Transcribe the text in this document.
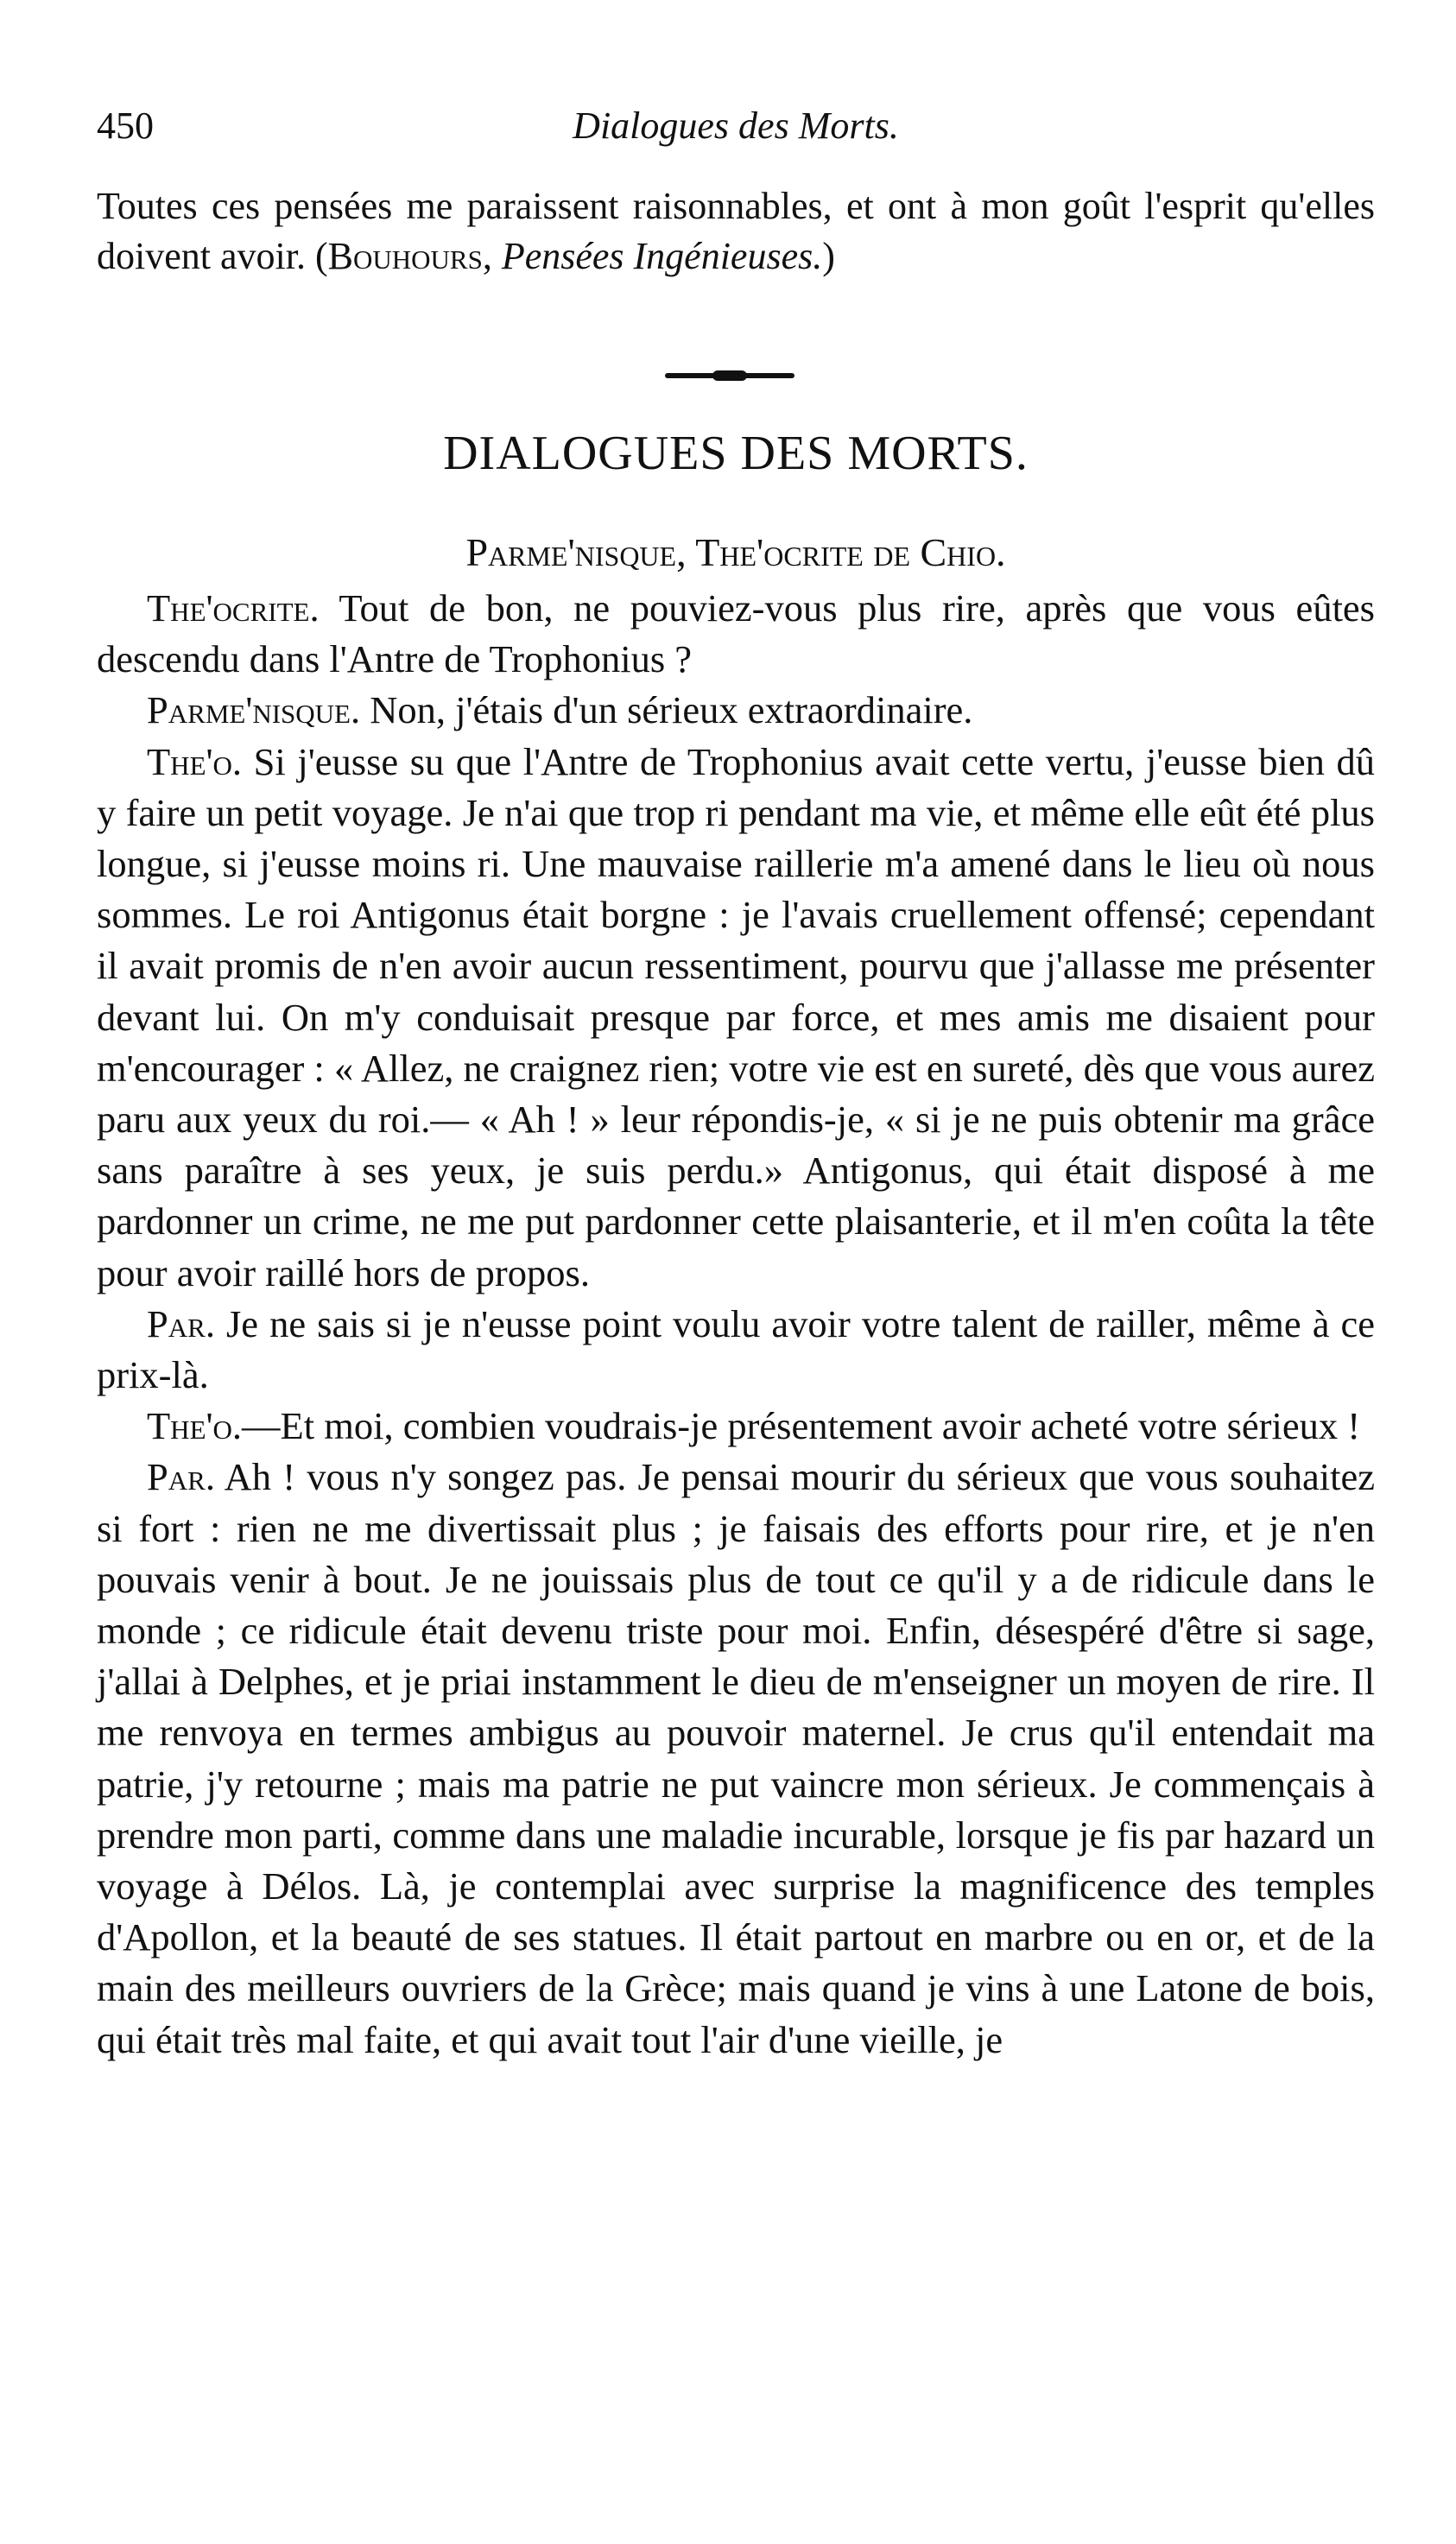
450	Dialogues des Morts.
Toutes ces pensées me paraissent raisonnables, et ont à mon goût l'esprit qu'elles doivent avoir. (Bouhours, Pensées Ingénieuses.)
DIALOGUES DES MORTS.
Parme'nisque, The'ocrite de Chio.

The'ocrite. Tout de bon, ne pouviez-vous plus rire, après que vous eûtes descendu dans l'Antre de Trophonius ?

Parme'nisque. Non, j'étais d'un sérieux extraordinaire.

The'o. Si j'eusse su que l'Antre de Trophonius avait cette vertu, j'eusse bien dû y faire un petit voyage. Je n'ai que trop ri pendant ma vie, et même elle eût été plus longue, si j'eusse moins ri. Une mauvaise raillerie m'a amené dans le lieu où nous sommes. Le roi Antigonus était borgne : je l'avais cruellement offensé; cependant il avait promis de n'en avoir aucun ressentiment, pourvu que j'allasse me présenter devant lui. On m'y conduisait presque par force, et mes amis me disaient pour m'encourager : « Allez, ne craignez rien; votre vie est en sureté, dès que vous aurez paru aux yeux du roi.— « Ah ! » leur répondis-je, « si je ne puis obtenir ma grâce sans paraître à ses yeux, je suis perdu.» Antigonus, qui était disposé à me pardonner un crime, ne me put pardonner cette plaisanterie, et il m'en coûta la tête pour avoir raillé hors de propos.

Par. Je ne sais si je n'eusse point voulu avoir votre talent de railler, même à ce prix-là.

The'o.—Et moi, combien voudrais-je présentement avoir acheté votre sérieux !

Par. Ah ! vous n'y songez pas. Je pensai mourir du sérieux que vous souhaitez si fort : rien ne me divertissait plus ; je faisais des efforts pour rire, et je n'en pouvais venir à bout. Je ne jouissais plus de tout ce qu'il y a de ridicule dans le monde ; ce ridicule était devenu triste pour moi. Enfin, désespéré d'être si sage, j'allai à Delphes, et je priai instamment le dieu de m'enseigner un moyen de rire. Il me renvoya en termes ambigus au pouvoir maternel. Je crus qu'il entendait ma patrie, j'y retourne ; mais ma patrie ne put vaincre mon sérieux. Je commençais à prendre mon parti, comme dans une maladie incurable, lorsque je fis par hazard un voyage à Délos. Là, je contemplai avec surprise la magnificence des temples d'Apollon, et la beauté de ses statues. Il était partout en marbre ou en or, et de la main des meilleurs ouvriers de la Grèce; mais quand je vins à une Latone de bois, qui était très mal faite, et qui avait tout l'air d'une vieille, je
